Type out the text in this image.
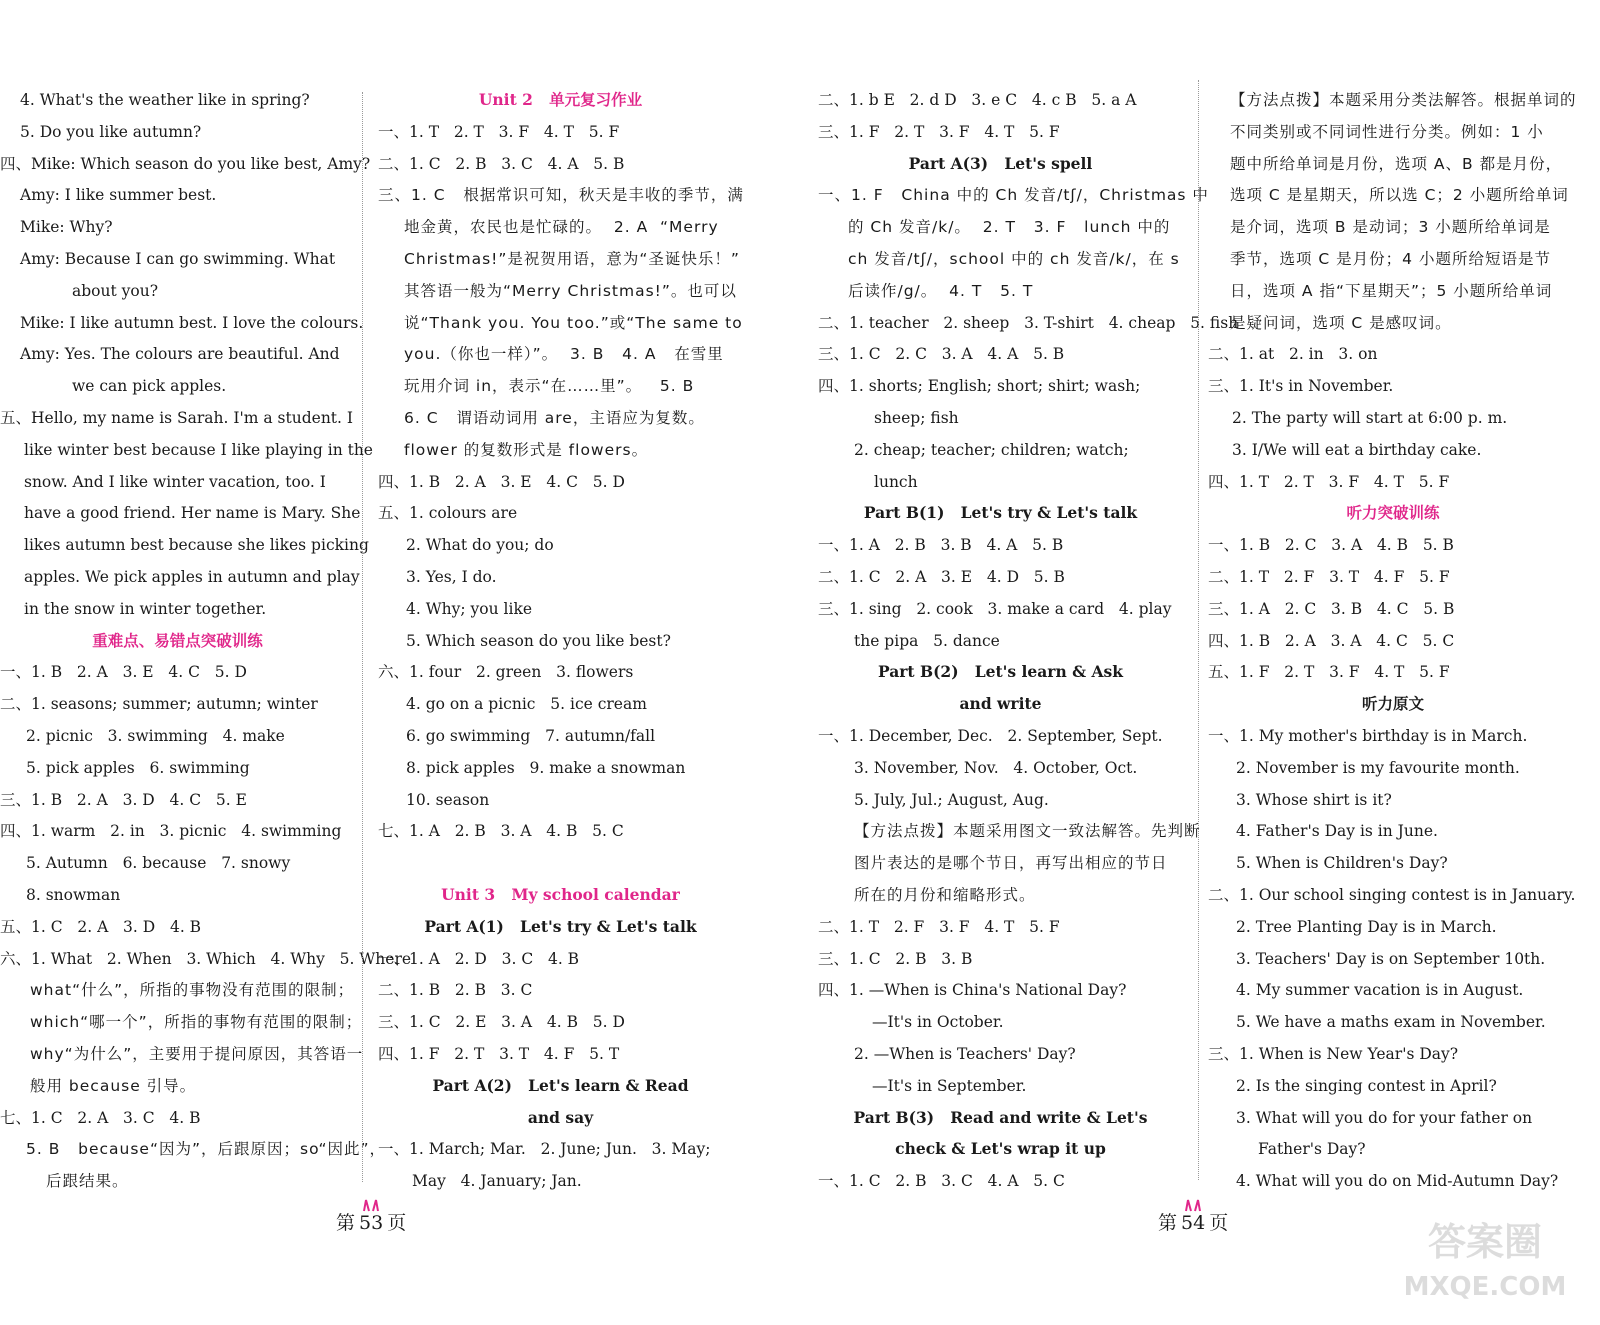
4. What's the weather like in spring?
5. Do you like autumn?
四、Mike: Which season do you like best, Amy?
Amy: I like summer best.
Mike: Why?
Amy: Because I can go swimming. What
about you?
Mike: I like autumn best. I love the colours.
Amy: Yes. The colours are beautiful. And
we can pick apples.
五、Hello, my name is Sarah. I'm a student. I
like winter best because I like playing in the
snow. And I like winter vacation, too. I
have a good friend. Her name is Mary. She
likes autumn best because she likes picking
apples. We pick apples in autumn and play
in the snow in winter together.
重难点、易错点突破训练
一、1. B   2. A   3. E   4. C   5. D
二、1. seasons; summer; autumn; winter
2. picnic   3. swimming   4. make
5. pick apples   6. swimming
三、1. B   2. A   3. D   4. C   5. E
四、1. warm   2. in   3. picnic   4. swimming
5. Autumn   6. because   7. snowy
8. snowman
五、1. C   2. A   3. D   4. B
六、1. What   2. When   3. Which   4. Why   5. Where
what“什么”，所指的事物没有范围的限制；
which“哪一个”，所指的事物有范围的限制；
why“为什么”，主要用于提问原因，其答语一
般用 because 引导。
七、1. C   2. A   3. C   4. B
5. B   because“因为”，后跟原因；so“因此”，
后跟结果。
Unit 2   单元复习作业
一、1. T   2. T   3. F   4. T   5. F
二、1. C   2. B   3. C   4. A   5. B
三、1. C   根据常识可知，秋天是丰收的季节，满
地金黄，农民也是忙碌的。  2. A  “Merry
Christmas!”是祝贺用语，意为“圣诞快乐！”
其答语一般为“Merry Christmas!”。也可以
说“Thank you. You too.”或“The same to
you.（你也一样）”。  3. B   4. A   在雪里
玩用介词 in，表示“在……里”。   5. B
6. C   谓语动词用 are，主语应为复数。
flower 的复数形式是 flowers。
四、1. B   2. A   3. E   4. C   5. D
五、1. colours are
2. What do you; do
3. Yes, I do.
4. Why; you like
5. Which season do you like best?
六、1. four   2. green   3. flowers
4. go on a picnic   5. ice cream
6. go swimming   7. autumn/fall
8. pick apples   9. make a snowman
10. season
七、1. A   2. B   3. A   4. B   5. C
Unit 3   My school calendar
Part A(1)   Let's try & Let's talk
一、1. A   2. D   3. C   4. B
二、1. B   2. B   3. C
三、1. C   2. E   3. A   4. B   5. D
四、1. F   2. T   3. T   4. F   5. T
Part A(2)   Let's learn & Read
and say
一、1. March; Mar.   2. June; Jun.   3. May;
May   4. January; Jan.
二、1. b E   2. d D   3. e C   4. c B   5. a A
三、1. F   2. T   3. F   4. T   5. F
Part A(3)   Let's spell
一、1. F   China 中的 Ch 发音/tʃ/，Christmas 中
的 Ch 发音/k/。  2. T   3. F   lunch 中的
ch 发音/tʃ/，school 中的 ch 发音/k/，在 s
后读作/g/。  4. T   5. T
二、1. teacher   2. sheep   3. T-shirt   4. cheap   5. fish
三、1. C   2. C   3. A   4. A   5. B
四、1. shorts; English; short; shirt; wash;
sheep; fish
2. cheap; teacher; children; watch;
lunch
Part B(1)   Let's try & Let's talk
一、1. A   2. B   3. B   4. A   5. B
二、1. C   2. A   3. E   4. D   5. B
三、1. sing   2. cook   3. make a card   4. play
the pipa   5. dance
Part B(2)   Let's learn & Ask
and write
一、1. December, Dec.   2. September, Sept.
3. November, Nov.   4. October, Oct.
5. July, Jul.; August, Aug.
【方法点拨】本题采用图文一致法解答。先判断
图片表达的是哪个节日，再写出相应的节日
所在的月份和缩略形式。
二、1. T   2. F   3. F   4. T   5. F
三、1. C   2. B   3. B
四、1. —When is China's National Day?
—It's in October.
2. —When is Teachers' Day?
—It's in September.
Part B(3)   Read and write & Let's
check & Let's wrap it up
一、1. C   2. B   3. C   4. A   5. C
【方法点拨】本题采用分类法解答。根据单词的
不同类别或不同词性进行分类。例如：1 小
题中所给单词是月份，选项 A、B 都是月份，
选项 C 是星期天，所以选 C；2 小题所给单词
是介词，选项 B 是动词；3 小题所给单词是
季节，选项 C 是月份；4 小题所给短语是节
日，选项 A 指“下星期天”；5 小题所给单词
是疑问词，选项 C 是感叹词。
二、1. at   2. in   3. on
三、1. It's in November.
2. The party will start at 6:00 p. m.
3. I/We will eat a birthday cake.
四、1. T   2. T   3. F   4. T   5. F
听力突破训练
一、1. B   2. C   3. A   4. B   5. B
二、1. T   2. F   3. T   4. F   5. F
三、1. A   2. C   3. B   4. C   5. B
四、1. B   2. A   3. A   4. C   5. C
五、1. F   2. T   3. F   4. T   5. F
听力原文
一、1. My mother's birthday is in March.
2. November is my favourite month.
3. Whose shirt is it?
4. Father's Day is in June.
5. When is Children's Day?
二、1. Our school singing contest is in January.
2. Tree Planting Day is in March.
3. Teachers' Day is on September 10th.
4. My summer vacation is in August.
5. We have a maths exam in November.
三、1. When is New Year's Day?
2. Is the singing contest in April?
3. What will you do for your father on
Father's Day?
4. What will you do on Mid-Autumn Day?
第 53 页	第 54 页	答案圈
MXQE.COM
